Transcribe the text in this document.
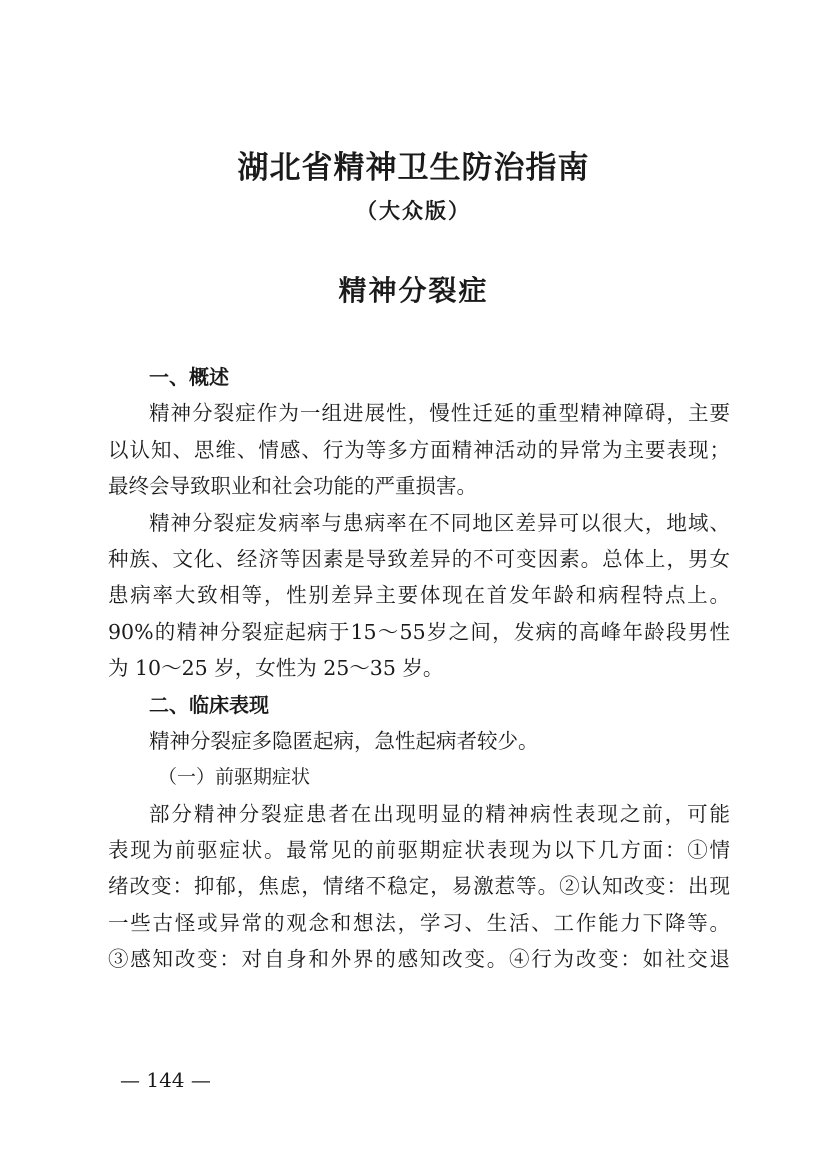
湖北省精神卫生防治指南
（大众版）
精神分裂症
一、概述
精神分裂症作为一组进展性，慢性迁延的重型精神障碍，主要
以认知、思维、情感、行为等多方面精神活动的异常为主要表现；
最终会导致职业和社会功能的严重损害。
精神分裂症发病率与患病率在不同地区差异可以很大，地域、
种族、文化、经济等因素是导致差异的不可变因素。总体上，男女
患病率大致相等，性别差异主要体现在首发年龄和病程特点上。
90%的精神分裂症起病于15～55岁之间，发病的高峰年龄段男性
为 10～25 岁，女性为 25～35 岁。
二、临床表现
精神分裂症多隐匿起病，急性起病者较少。
（一）前驱期症状
部分精神分裂症患者在出现明显的精神病性表现之前，可能
表现为前驱症状。最常见的前驱期症状表现为以下几方面：①情
绪改变：抑郁，焦虑，情绪不稳定，易激惹等。②认知改变：出现
一些古怪或异常的观念和想法，学习、生活、工作能力下降等。
③感知改变：对自身和外界的感知改变。④行为改变：如社交退
— 144 —
